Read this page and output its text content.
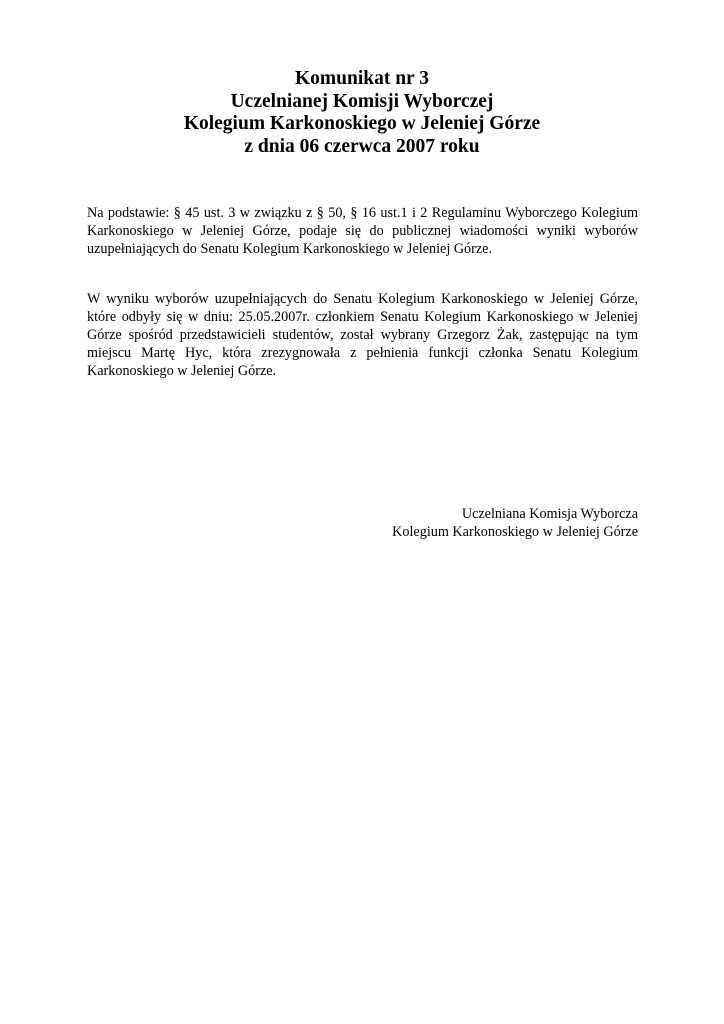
Komunikat nr 3
Uczelnianej Komisji Wyborczej
Kolegium Karkonoskiego w Jeleniej Górze
z dnia 06 czerwca 2007 roku

Na podstawie: § 45 ust. 3 w związku z § 50, § 16 ust.1 i 2 Regulaminu Wyborczego Kolegium Karkonoskiego w Jeleniej Górze, podaje się do publicznej wiadomości wyniki wyborów uzupełniających do Senatu Kolegium Karkonoskiego w Jeleniej Górze.

W wyniku wyborów uzupełniających do Senatu Kolegium Karkonoskiego w Jeleniej Górze, które odbyły się w dniu: 25.05.2007r. członkiem Senatu Kolegium Karkonoskiego w Jeleniej Górze spośród przedstawicieli studentów, został wybrany Grzegorz Żak, zastępując na tym miejscu Martę Hyc, która zrezygnowała z pełnienia funkcji członka Senatu Kolegium Karkonoskiego w Jeleniej Górze.

Uczelniana Komisja Wyborcza
Kolegium Karkonoskiego w Jeleniej Górze
